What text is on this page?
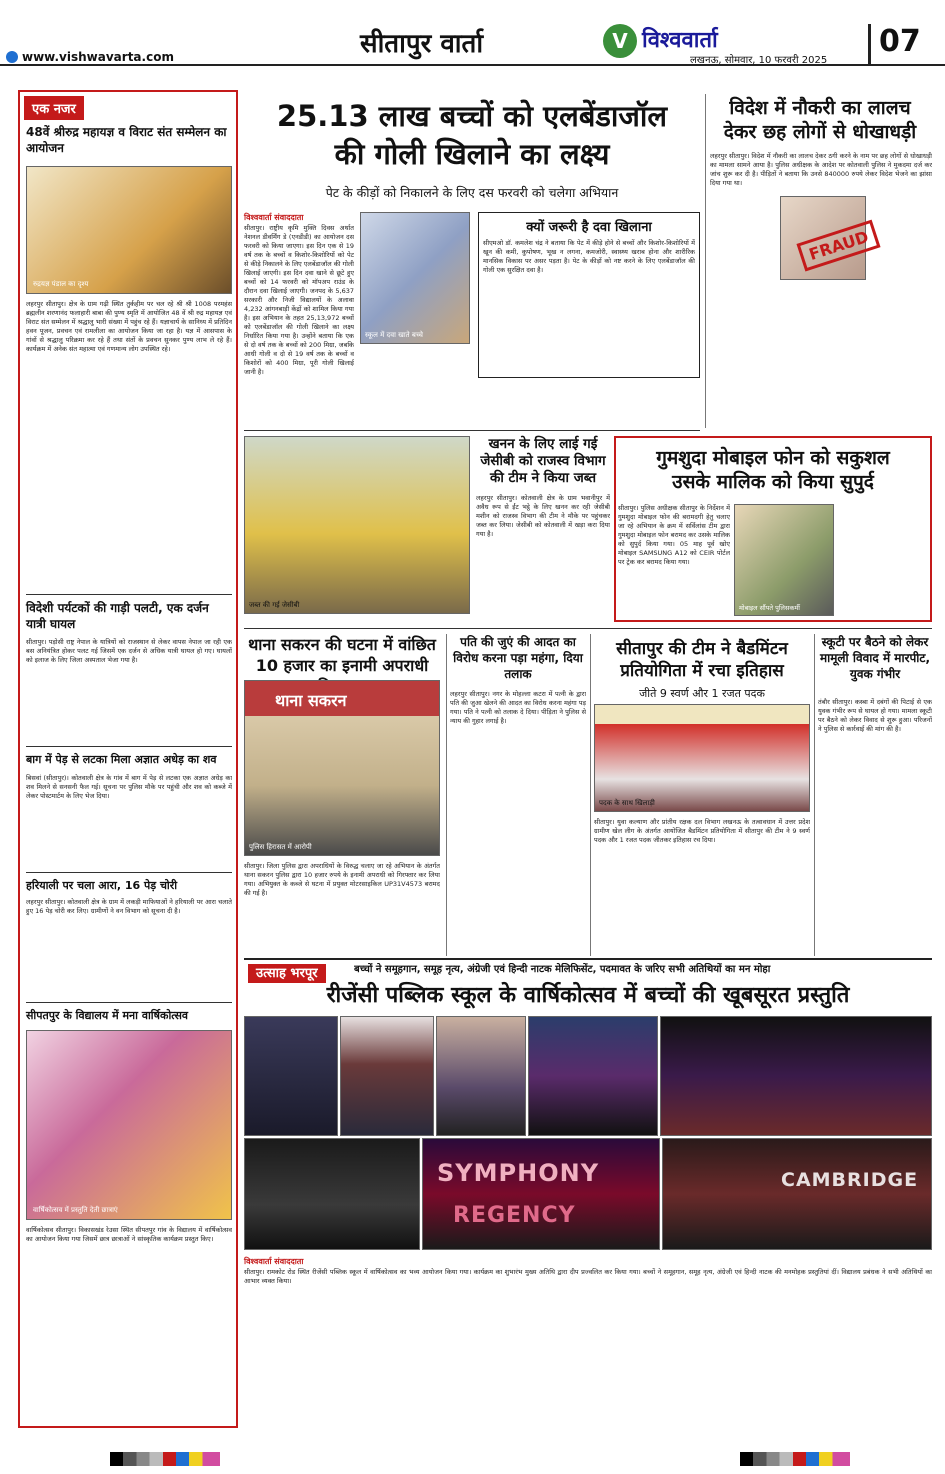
www.vishwavarta.com	सीतापुर वार्ता	V विश्ववार्ता
लखनऊ, सोमवार, 10 फरवरी 2025
07
एक नजर
48वें श्रीरुद्र महायज्ञ व विराट संत सम्मेलन का आयोजन
रुद्रयज्ञ पंडाल का दृश्य
लहरपुर सीतापुर। क्षेत्र के ग्राम गढ़ी स्थित तुर्कहीम पर चल रहे श्री श्री 1008 परमहंस ब्रह्मलीन शरणानंद फलाहारी बाबा की पुण्य स्मृति में आयोजित 48 वें श्री रुद्र महायज्ञ एवं विराट संत सम्मेलन में श्रद्धालु भारी संख्या में पहुंच रहे हैं। यज्ञाचार्य के सानिध्य में प्रतिदिन हवन पूजन, प्रवचन एवं रामलीला का आयोजन किया जा रहा है। यज्ञ में आसपास के गांवों से श्रद्धालु परिक्रमा कर रहे हैं तथा संतों के प्रवचन सुनकर पुण्य लाभ ले रहे हैं। कार्यक्रम में अनेक संत महात्मा एवं गणमान्य लोग उपस्थित रहे।
विदेशी पर्यटकों की गाड़ी पलटी, एक दर्जन यात्री घायल
सीतापुर। पड़ोसी राष्ट्र नेपाल के यात्रियों को राजस्थान से लेकर वापस नेपाल जा रही एक बस अनियंत्रित होकर पलट गई जिसमें एक दर्जन से अधिक यात्री घायल हो गए। घायलों को इलाज के लिए जिला अस्पताल भेजा गया है।
बाग में पेड़ से लटका मिला अज्ञात अधेड़ का शव
बिसवां (सीतापुर)। कोतवाली क्षेत्र के गांव में बाग में पेड़ से लटका एक अज्ञात अधेड़ का शव मिलने से सनसनी फैल गई। सूचना पर पुलिस मौके पर पहुंची और शव को कब्जे में लेकर पोस्टमार्टम के लिए भेज दिया।
हरियाली पर चला आरा, 16 पेड़ चोरी
लहरपुर सीतापुर। कोतवाली क्षेत्र के ग्राम में लकड़ी माफियाओं ने हरियाली पर आरा चलाते हुए 16 पेड़ चोरी कर लिए। ग्रामीणों ने वन विभाग को सूचना दी है।
सीपतपुर के विद्यालय में मना वार्षिकोत्सव
वार्षिकोत्सव में प्रस्तुति देती छात्राएं
वार्षिकोत्सव सीतापुर। विकासखंड रेउसा स्थित सीपतपुर गांव के विद्यालय में वार्षिकोत्सव का आयोजन किया गया जिसमें छात्र छात्राओं ने सांस्कृतिक कार्यक्रम प्रस्तुत किए।
25.13 लाख बच्चों को एलबेंडाजॉल
की गोली खिलाने का लक्ष्य
पेट के कीड़ों को निकालने के लिए दस फरवरी को चलेगा अभियान
विश्ववार्ता संवाददाता
सीतापुर। राष्ट्रीय कृमि मुक्ति दिवस अर्थात नेशनल डीवर्मिंग डे (एनडीडी) का आयोजन दस फरवरी को किया जाएगा। इस दिन एक से 19 वर्ष तक के बच्चों व किशोर-किशोरियों को पेट से कीड़े निकालने के लिए एलबेंडाजॉल की गोली खिलाई जाएगी। इस दिन दवा खाने से छूटे हुए बच्चों को 14 फरवरी को मॉपअप राउंड के दौरान दवा खिलाई जाएगी। जनपद के 5,637 सरकारी और निजी विद्यालयों के अलावा 4,232 आंगनबाड़ी केंद्रों को शामिल किया गया है। इस अभियान के तहत 25,13,972 बच्चों को एलबेंडाजॉल की गोली खिलाने का लक्ष्य निर्धारित किया गया है। उन्होंने बताया कि एक से दो वर्ष तक के बच्चों को 200 मिग्रा, जबकि आधी गोली व दो से 19 वर्ष तक के बच्चों व किशोरों को 400 मिग्रा, पूरी गोली खिलाई जानी है।
स्कूल में दवा खाते बच्चे
क्यों जरूरी है दवा खिलाना
सीएमओ डॉ. कमलेश चंद्र ने बताया कि पेट में कीड़े होने से बच्चों और किशोर-किशोरियों में खून की कमी, कुपोषण, भूख न लगना, कमजोरी, स्वास्थ्य खराब होना और शारीरिक मानसिक विकास पर असर पड़ता है। पेट के कीड़ों को नष्ट करने के लिए एलबेंडाजॉल की गोली एक सुरक्षित दवा है।
विदेश में नौकरी का लालच
देकर छह लोगों से धोखाधड़ी
लहरपुर सीतापुर। विदेश में नौकरी का लालच देकर ठगी करने के नाम पर छह लोगों से धोखाधड़ी का मामला सामने आया है। पुलिस अधीक्षक के आदेश पर कोतवाली पुलिस ने मुकदमा दर्ज कर जांच शुरू कर दी है। पीड़ितों ने बताया कि उनसे 840000 रुपये लेकर विदेश भेजने का झांसा दिया गया था।
FRAUD
खनन के लिए लाई गई जेसीबी को राजस्व विभाग की टीम ने किया जब्त
जब्त की गई जेसीबी
लहरपुर सीतापुर। कोतवाली क्षेत्र के ग्राम भवानीपुर में अवैध रूप से ईंट भट्ठे के लिए खनन कर रही जेसीबी मशीन को राजस्व विभाग की टीम ने मौके पर पहुंचकर जब्त कर लिया। जेसीबी को कोतवाली में खड़ा करा दिया गया है।
गुमशुदा मोबाइल फोन को सकुशल
उसके मालिक को किया सुपुर्द
सीतापुर। पुलिस अधीक्षक सीतापुर के निर्देशन में गुमशुदा मोबाइल फोन की बरामदगी हेतु चलाए जा रहे अभियान के क्रम में सर्विलांस टीम द्वारा गुमशुदा मोबाइल फोन बरामद कर उसके मालिक को सुपुर्द किया गया। 05 माह पूर्व खोए मोबाइल SAMSUNG A12 को CEIR पोर्टल पर ट्रेक कर बरामद किया गया।
मोबाइल सौंपते पुलिसकर्मी
थाना सकरन की घटना में वांछित 10 हजार का इनामी अपराधी
थाना सकरन
पुलिस हिरासत में आरोपी
सीतापुर। जिला पुलिस द्वारा अपराधियों के विरुद्ध चलाए जा रहे अभियान के अंतर्गत थाना सकरन पुलिस द्वारा 10 हजार रुपये के इनामी अपराधी को गिरफ्तार कर लिया गया। अभियुक्त के कब्जे से घटना में प्रयुक्त मोटरसाइकिल UP31V4573 बरामद की गई है।
पति की जुएं की आदत का विरोध करना पड़ा महंगा, दिया तलाक
लहरपुर सीतापुर। नगर के मोहल्ला कटरा में पत्नी के द्वारा पति की जुआ खेलने की आदत का विरोध करना महंगा पड़ गया। पति ने पत्नी को तलाक दे दिया। पीड़िता ने पुलिस से न्याय की गुहार लगाई है।
सीतापुर की टीम ने बैडमिंटन
प्रतियोगिता में रचा इतिहास
जीते 9 स्वर्ण और 1 रजत पदक
पदक के साथ खिलाड़ी
सीतापुर। युवा कल्याण और प्रांतीय रक्षक दल विभाग लखनऊ के तत्वावधान में उत्तर प्रदेश ग्रामीण खेल लीग के अंतर्गत आयोजित बैडमिंटन प्रतियोगिता में सीतापुर की टीम ने 9 स्वर्ण पदक और 1 रजत पदक जीतकर इतिहास रच दिया।
स्कूटी पर बैठने को लेकर मामूली विवाद में मारपीट, युवक गंभीर
तंबौर सीतापुर। कस्बा में दबंगों की पिटाई से एक युवक गंभीर रूप से घायल हो गया। मामला स्कूटी पर बैठने को लेकर विवाद से शुरू हुआ। परिजनों ने पुलिस से कार्रवाई की मांग की है।
उत्साह भरपूर	बच्चों ने समूहगान, समूह नृत्य, अंग्रेजी एवं हिन्दी नाटक मेलिफिसेंट, पदमावत के जरिए सभी अतिथियों का मन मोहा
रीजेंसी पब्लिक स्कूल के वार्षिकोत्सव में बच्चों की खूबसूरत प्रस्तुति
SYMPHONY
REGENCY
CAMBRIDGE
विश्ववार्ता संवाददाता
सीतापुर। रामकोट रोड स्थित रीजेंसी पब्लिक स्कूल में वार्षिकोत्सव का भव्य आयोजन किया गया। कार्यक्रम का शुभारंभ मुख्य अतिथि द्वारा दीप प्रज्वलित कर किया गया। बच्चों ने समूहगान, समूह नृत्य, अंग्रेजी एवं हिन्दी नाटक की मनमोहक प्रस्तुतियां दीं। विद्यालय प्रबंधक ने सभी अतिथियों का आभार व्यक्त किया।
